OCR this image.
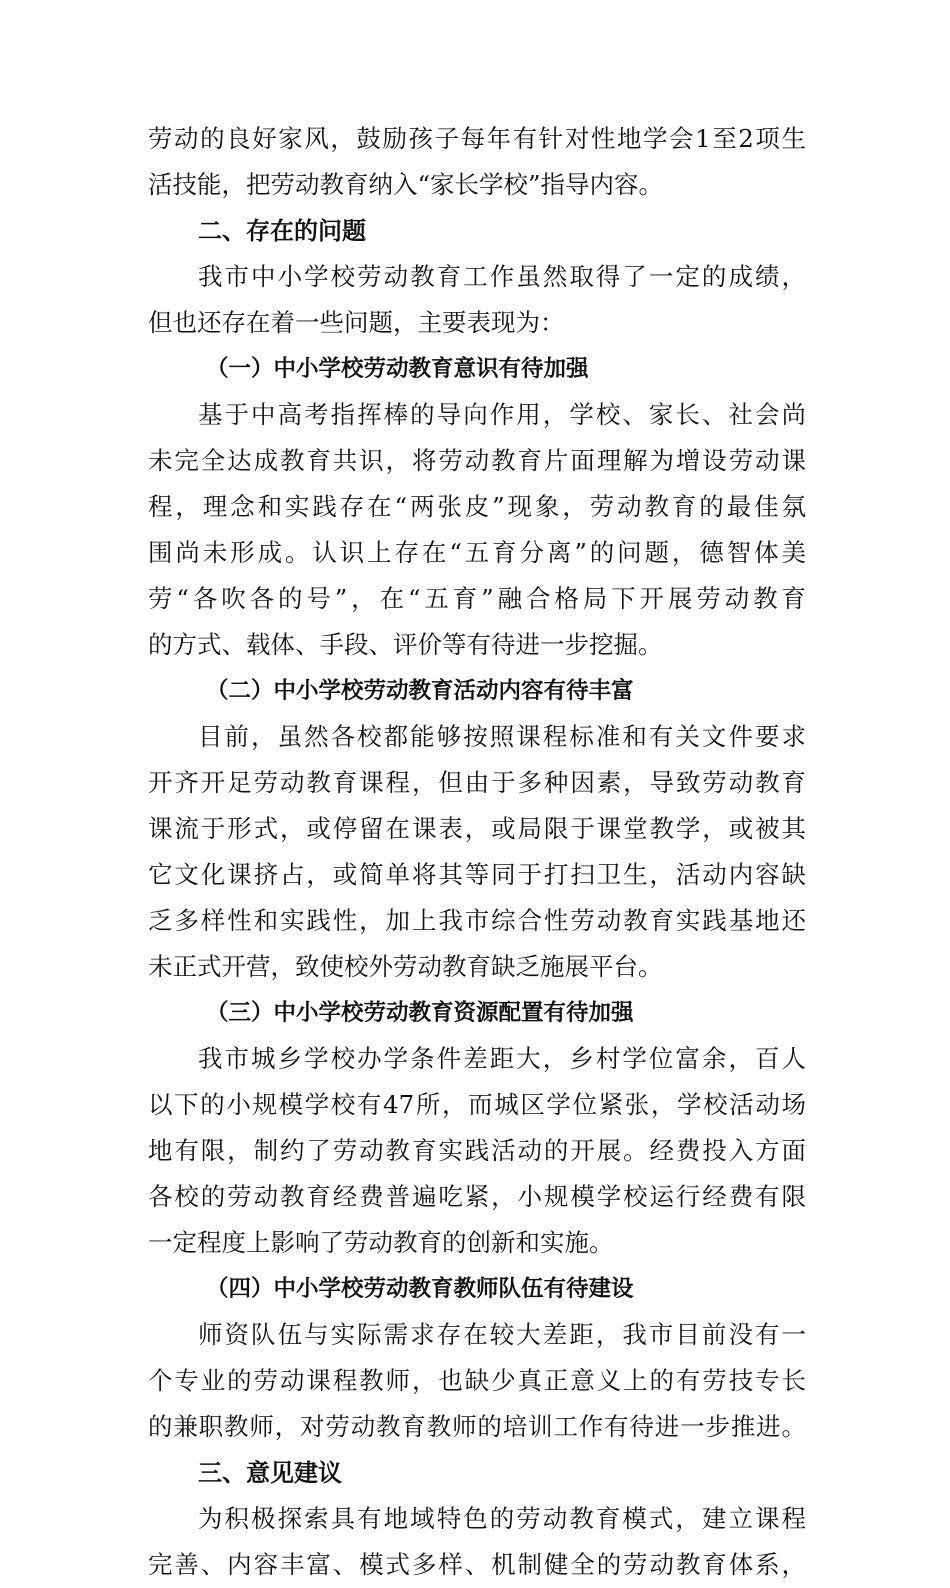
劳动的良好家风，鼓励孩子每年有针对性地学会1至2项生
活技能，把劳动教育纳入“家长学校”指导内容。
二、存在的问题
我市中小学校劳动教育工作虽然取得了一定的成绩，
但也还存在着一些问题，主要表现为：
（一）中小学校劳动教育意识有待加强
基于中高考指挥棒的导向作用，学校、家长、社会尚
未完全达成教育共识，将劳动教育片面理解为增设劳动课
程，理念和实践存在“两张皮”现象，劳动教育的最佳氛
围尚未形成。认识上存在“五育分离”的问题，德智体美
劳“各吹各的号”，在“五育”融合格局下开展劳动教育
的方式、载体、手段、评价等有待进一步挖掘。
（二）中小学校劳动教育活动内容有待丰富
目前，虽然各校都能够按照课程标准和有关文件要求
开齐开足劳动教育课程，但由于多种因素，导致劳动教育
课流于形式，或停留在课表，或局限于课堂教学，或被其
它文化课挤占，或简单将其等同于打扫卫生，活动内容缺
乏多样性和实践性，加上我市综合性劳动教育实践基地还
未正式开营，致使校外劳动教育缺乏施展平台。
（三）中小学校劳动教育资源配置有待加强
我市城乡学校办学条件差距大，乡村学位富余，百人
以下的小规模学校有47所，而城区学位紧张，学校活动场
地有限，制约了劳动教育实践活动的开展。经费投入方面
各校的劳动教育经费普遍吃紧，小规模学校运行经费有限
一定程度上影响了劳动教育的创新和实施。
（四）中小学校劳动教育教师队伍有待建设
师资队伍与实际需求存在较大差距，我市目前没有一
个专业的劳动课程教师，也缺少真正意义上的有劳技专长
的兼职教师，对劳动教育教师的培训工作有待进一步推进。
三、意见建议
为积极探索具有地域特色的劳动教育模式，建立课程
完善、内容丰富、模式多样、机制健全的劳动教育体系，
